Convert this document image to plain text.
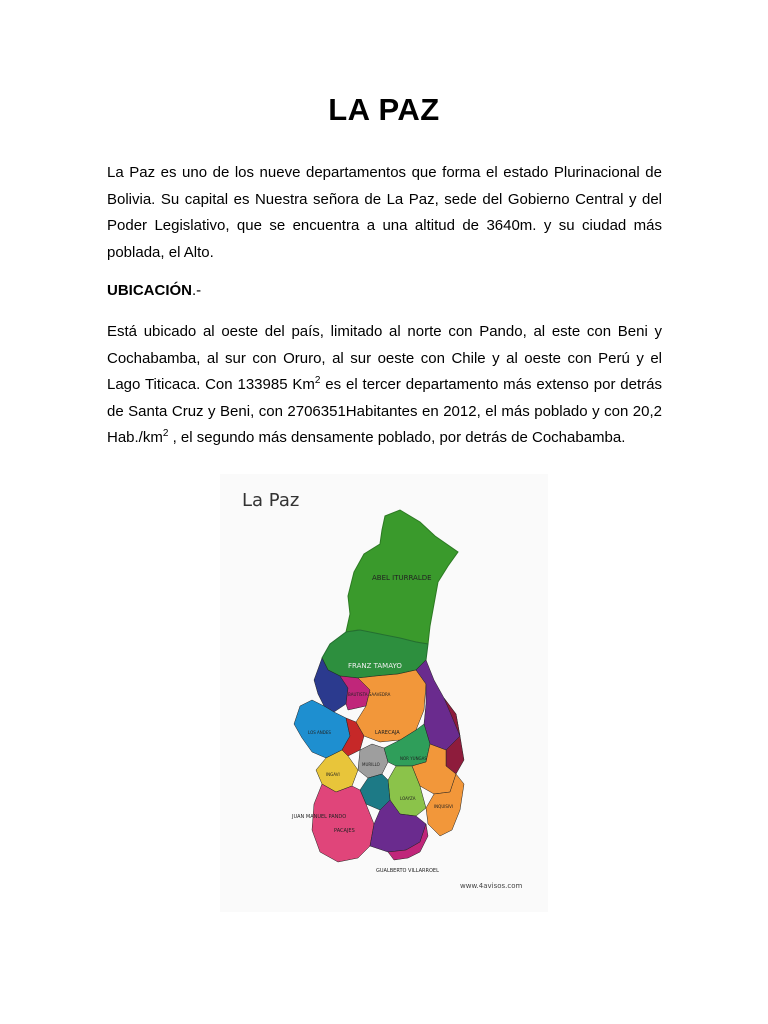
LA PAZ

La Paz es uno de los nueve departamentos que forma el estado Plurinacional de Bolivia. Su capital es Nuestra señora de La Paz, sede del Gobierno Central y del Poder Legislativo, que se encuentra a una altitud de 3640m. y su ciudad más poblada, el Alto.

UBICACIÓN.-

Está ubicado al oeste del país, limitado al norte con Pando, al este con Beni y Cochabamba, al sur con Oruro, al sur oeste con Chile y al oeste con Perú y el Lago Titicaca. Con 133985 Km$^2$ es el tercer departamento más extenso por detrás de Santa Cruz y Beni, con 2706351Habitantes en 2012, el más poblado y con 20,2 $Hab./km^2$ , el segundo más densamente poblado, por detrás de Cochabamba.

La Paz
ABEL ITURRALDE
FRANZ TAMAYO
LARECAJA
BAUTISTA SAAVEDRA
LOS ANDES
MURILLO
NOR YUNGAS
INGAVI
LOAYZA
INQUISIVI
PACAJES
JUAN MANUEL PANDO
GUALBERTO VILLARROEL
www.4avisos.com
